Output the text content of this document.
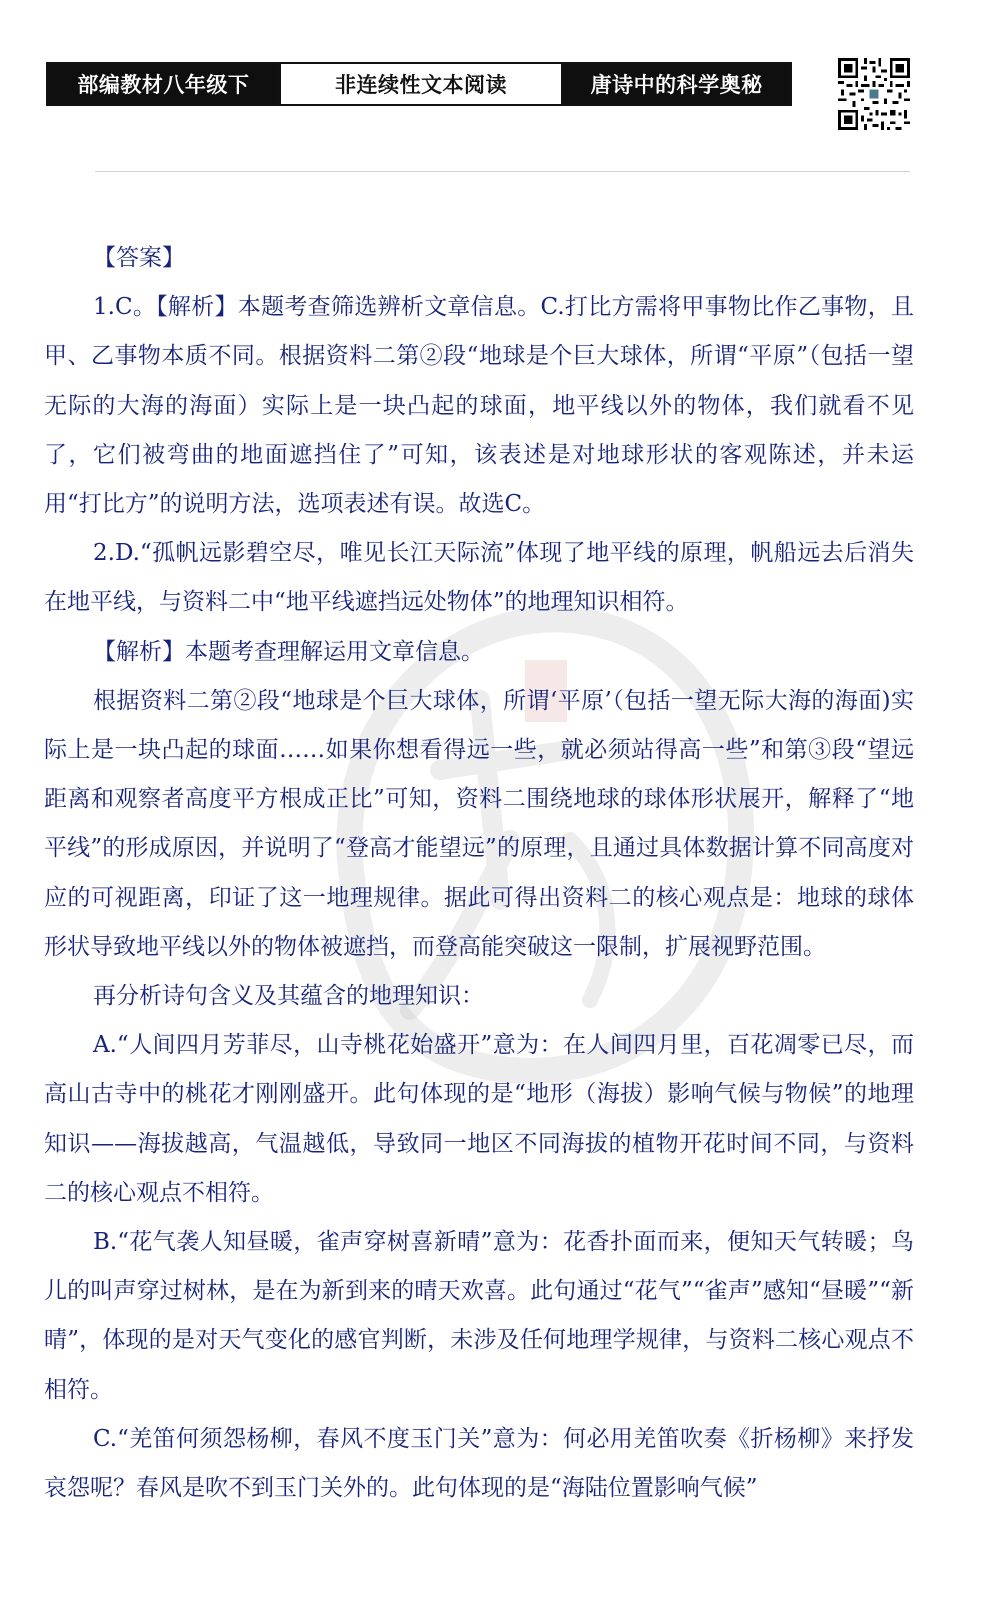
部编教材八年级下	非连续性文本阅读	唐诗中的科学奥秘

【答案】

1.C。【解析】本题考查筛选辨析文章信息。C.打比方需将甲事物比作乙事物，且甲、乙事物本质不同。根据资料二第②段“地球是个巨大球体，所谓“平原”（包括一望无际的大海的海面）实际上是一块凸起的球面，地平线以外的物体，我们就看不见了，它们被弯曲的地面遮挡住了”可知，该表述是对地球形状的客观陈述，并未运用“打比方”的说明方法，选项表述有误。故选C。

2.D.“孤帆远影碧空尽，唯见长江天际流”体现了地平线的原理，帆船远去后消失在地平线，与资料二中“地平线遮挡远处物体”的地理知识相符。

【解析】本题考查理解运用文章信息。

根据资料二第②段“地球是个巨大球体，所谓‘平原’（包括一望无际大海的海面)实际上是一块凸起的球面……如果你想看得远一些，就必须站得高一些”和第③段“望远距离和观察者高度平方根成正比”可知，资料二围绕地球的球体形状展开，解释了“地平线”的形成原因，并说明了“登高才能望远”的原理，且通过具体数据计算不同高度对应的可视距离，印证了这一地理规律。据此可得出资料二的核心观点是：地球的球体形状导致地平线以外的物体被遮挡，而登高能突破这一限制，扩展视野范围。

再分析诗句含义及其蕴含的地理知识：

A.“人间四月芳菲尽，山寺桃花始盛开”意为：在人间四月里，百花凋零已尽，而高山古寺中的桃花才刚刚盛开。此句体现的是“地形（海拔）影响气候与物候”的地理知识——海拔越高，气温越低，导致同一地区不同海拔的植物开花时间不同，与资料二的核心观点不相符。

B.“花气袭人知昼暖，雀声穿树喜新晴”意为：花香扑面而来，便知天气转暖；鸟儿的叫声穿过树林，是在为新到来的晴天欢喜。此句通过“花气”“雀声”感知“昼暖”“新晴”，体现的是对天气变化的感官判断，未涉及任何地理学规律，与资料二核心观点不相符。

C.“羌笛何须怨杨柳，春风不度玉门关”意为：何必用羌笛吹奏《折杨柳》来抒发哀怨呢？春风是吹不到玉门关外的。此句体现的是“海陆位置影响气候”
